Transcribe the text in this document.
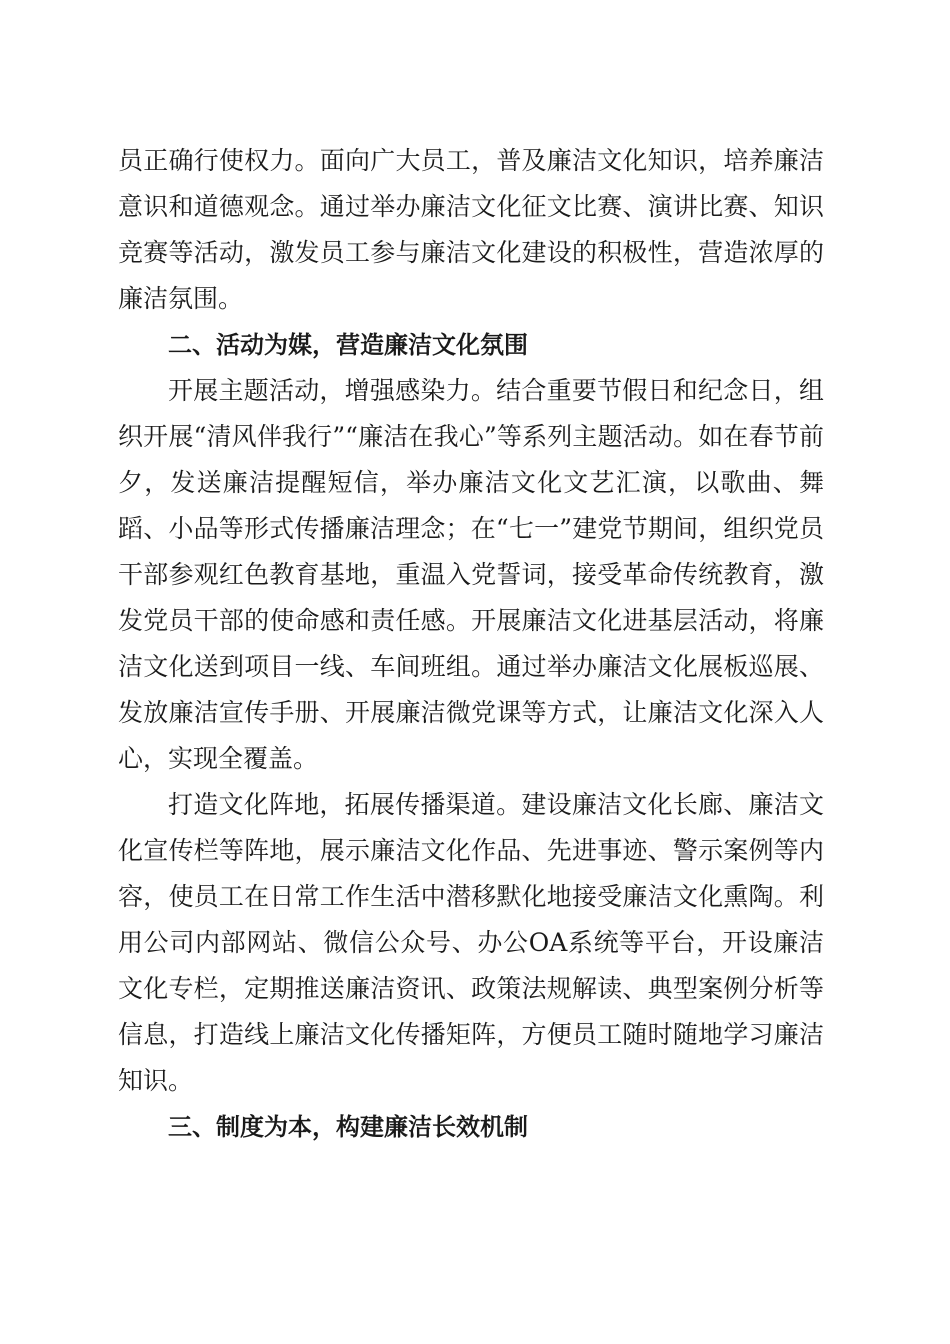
员正确行使权力。面向广大员工，普及廉洁文化知识，培养廉洁意识和道德观念。通过举办廉洁文化征文比赛、演讲比赛、知识竞赛等活动，激发员工参与廉洁文化建设的积极性，营造浓厚的廉洁氛围。

二、活动为媒，营造廉洁文化氛围

开展主题活动，增强感染力。结合重要节假日和纪念日，组织开展“清风伴我行”“廉洁在我心”等系列主题活动。如在春节前夕，发送廉洁提醒短信，举办廉洁文化文艺汇演，以歌曲、舞蹈、小品等形式传播廉洁理念；在“七一”建党节期间，组织党员干部参观红色教育基地，重温入党誓词，接受革命传统教育，激发党员干部的使命感和责任感。开展廉洁文化进基层活动，将廉洁文化送到项目一线、车间班组。通过举办廉洁文化展板巡展、发放廉洁宣传手册、开展廉洁微党课等方式，让廉洁文化深入人心，实现全覆盖。

打造文化阵地，拓展传播渠道。建设廉洁文化长廊、廉洁文化宣传栏等阵地，展示廉洁文化作品、先进事迹、警示案例等内容，使员工在日常工作生活中潜移默化地接受廉洁文化熏陶。利用公司内部网站、微信公众号、办公OA系统等平台，开设廉洁文化专栏，定期推送廉洁资讯、政策法规解读、典型案例分析等信息，打造线上廉洁文化传播矩阵，方便员工随时随地学习廉洁知识。

三、制度为本，构建廉洁长效机制
